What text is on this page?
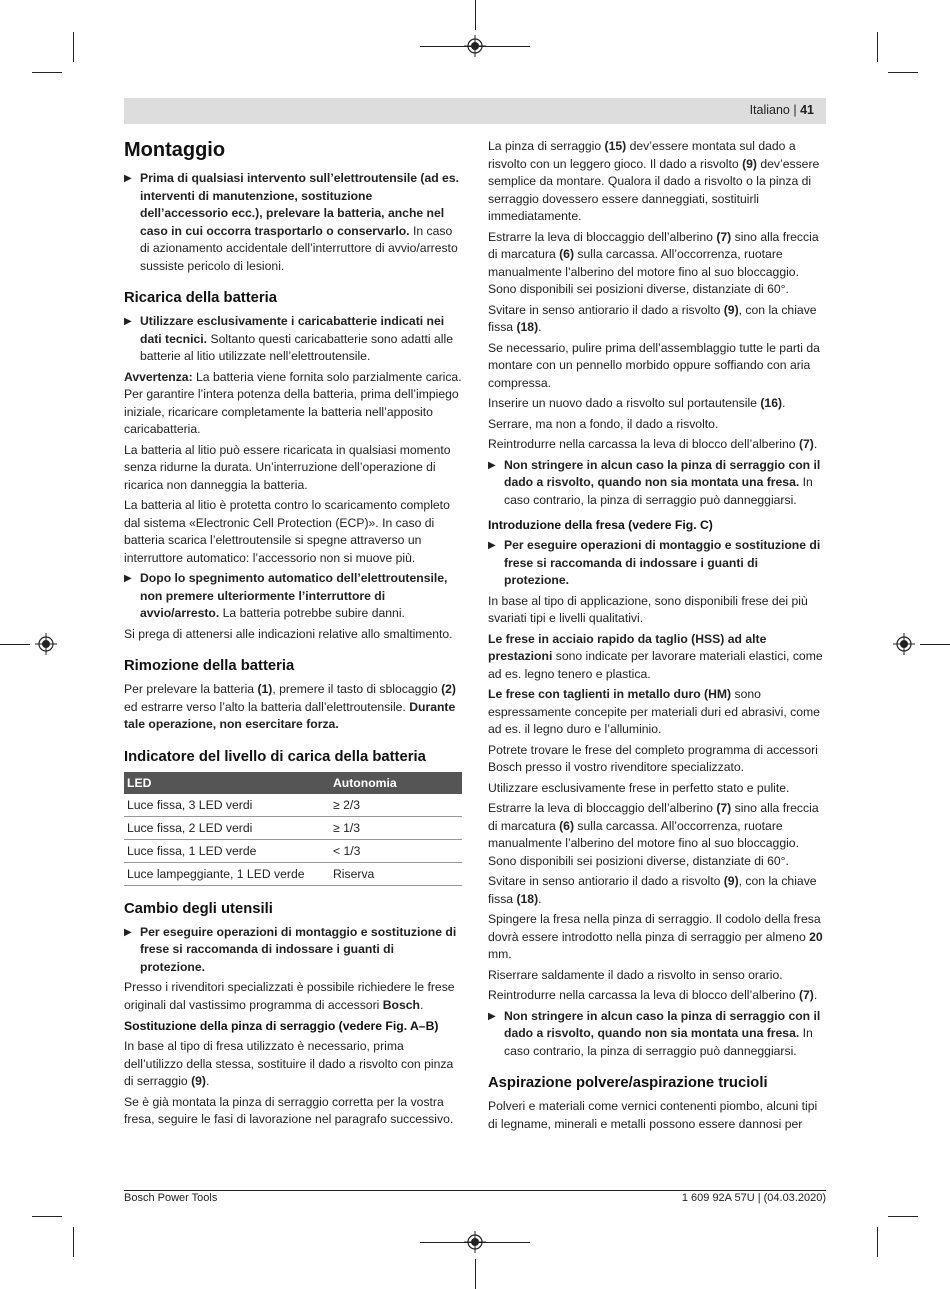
Italiano | 41
Montaggio
▶ Prima di qualsiasi intervento sull’elettroutensile (ad es. interventi di manutenzione, sostituzione dell’accessorio ecc.), prelevare la batteria, anche nel caso in cui occorra trasportarlo o conservarlo. In caso di azionamento accidentale dell’interruttore di avvio/arresto sussiste pericolo di lesioni.
Ricarica della batteria
▶ Utilizzare esclusivamente i caricabatterie indicati nei dati tecnici. Soltanto questi caricabatterie sono adatti alle batterie al litio utilizzate nell’elettroutensile.

Avvertenza: La batteria viene fornita solo parzialmente carica. Per garantire l’intera potenza della batteria, prima dell’impiego iniziale, ricaricare completamente la batteria nell’apposito caricabatteria.

La batteria al litio può essere ricaricata in qualsiasi momento senza ridurne la durata. Un’interruzione dell’operazione di ricarica non danneggia la batteria.

La batteria al litio è protetta contro lo scaricamento completo dal sistema «Electronic Cell Protection (ECP)». In caso di batteria scarica l’elettroutensile si spegne attraverso un interruttore automatico: l’accessorio non si muove più.

▶ Dopo lo spegnimento automatico dell’elettroutensile, non premere ulteriormente l’interruttore di avvio/arresto. La batteria potrebbe subire danni.

Si prega di attenersi alle indicazioni relative allo smaltimento.

Rimozione della batteria

Per prelevare la batteria (1), premere il tasto di sblocaggio (2) ed estrarre verso l’alto la batteria dall’elettroutensile. Durante tale operazione, non esercitare forza.

Indicatore del livello di carica della batteria
LED	Autonomia
Luce fissa, 3 LED verdi	≥ 2/3
Luce fissa, 2 LED verdi	≥ 1/3
Luce fissa, 1 LED verde	< 1/3
Luce lampeggiante, 1 LED verde	Riserva
Cambio degli utensili
▶ Per eseguire operazioni di montaggio e sostituzione di frese si raccomanda di indossare i guanti di protezione.

Presso i rivenditori specializzati è possibile richiedere le frese originali dal vastissimo programma di accessori Bosch.

Sostituzione della pinza di serraggio (vedere Fig. A–B)

In base al tipo di fresa utilizzato è necessario, prima dell’utilizzo della stessa, sostituire il dado a risvolto con pinza di serraggio (9).

Se è già montata la pinza di serraggio corretta per la vostra fresa, seguire le fasi di lavorazione nel paragrafo successivo.

La pinza di serraggio (15) dev’essere montata sul dado a risvolto con un leggero gioco. Il dado a risvolto (9) dev’essere semplice da montare. Qualora il dado a risvolto o la pinza di serraggio dovessero essere danneggiati, sostituirli immediatamente.

Estrarre la leva di bloccaggio dell’alberino (7) sino alla freccia di marcatura (6) sulla carcassa. All’occorrenza, ruotare manualmente l’alberino del motore fino al suo bloccaggio. Sono disponibili sei posizioni diverse, distanziate di 60°.

Svitare in senso antiorario il dado a risvolto (9), con la chiave fissa (18).

Se necessario, pulire prima dell’assemblaggio tutte le parti da montare con un pennello morbido oppure soffiando con aria compressa.

Inserire un nuovo dado a risvolto sul portautensile (16).

Serrare, ma non a fondo, il dado a risvolto.

Reintrodurre nella carcassa la leva di blocco dell’alberino (7).

▶ Non stringere in alcun caso la pinza di serraggio con il dado a risvolto, quando non sia montata una fresa. In caso contrario, la pinza di serraggio può danneggiarsi.
Introduzione della fresa (vedere Fig. C)
▶ Per eseguire operazioni di montaggio e sostituzione di frese si raccomanda di indossare i guanti di protezione.

In base al tipo di applicazione, sono disponibili frese dei più svariati tipi e livelli qualitativi.

Le frese in acciaio rapido da taglio (HSS) ad alte prestazioni sono indicate per lavorare materiali elastici, come ad es. legno tenero e plastica.

Le frese con taglienti in metallo duro (HM) sono espressamente concepite per materiali duri ed abrasivi, come ad es. il legno duro e l’alluminio.

Potrete trovare le frese del completo programma di accessori Bosch presso il vostro rivenditore specializzato.

Utilizzare esclusivamente frese in perfetto stato e pulite.

Estrarre la leva di bloccaggio dell’alberino (7) sino alla freccia di marcatura (6) sulla carcassa. All’occorrenza, ruotare manualmente l’alberino del motore fino al suo bloccaggio. Sono disponibili sei posizioni diverse, distanziate di 60°.

Svitare in senso antiorario il dado a risvolto (9), con la chiave fissa (18).

Spingere la fresa nella pinza di serraggio. Il codolo della fresa dovrà essere introdotto nella pinza di serraggio per almeno 20 mm.

Riserrare saldamente il dado a risvolto in senso orario.

Reintrodurre nella carcassa la leva di blocco dell’alberino (7).

▶ Non stringere in alcun caso la pinza di serraggio con il dado a risvolto, quando non sia montata una fresa. In caso contrario, la pinza di serraggio può danneggiarsi.
Aspirazione polvere/aspirazione trucioli

Polveri e materiali come vernici contenenti piombo, alcuni tipi di legname, minerali e metalli possono essere dannosi per

Bosch Power Tools	1 609 92A 57U | (04.03.2020)
